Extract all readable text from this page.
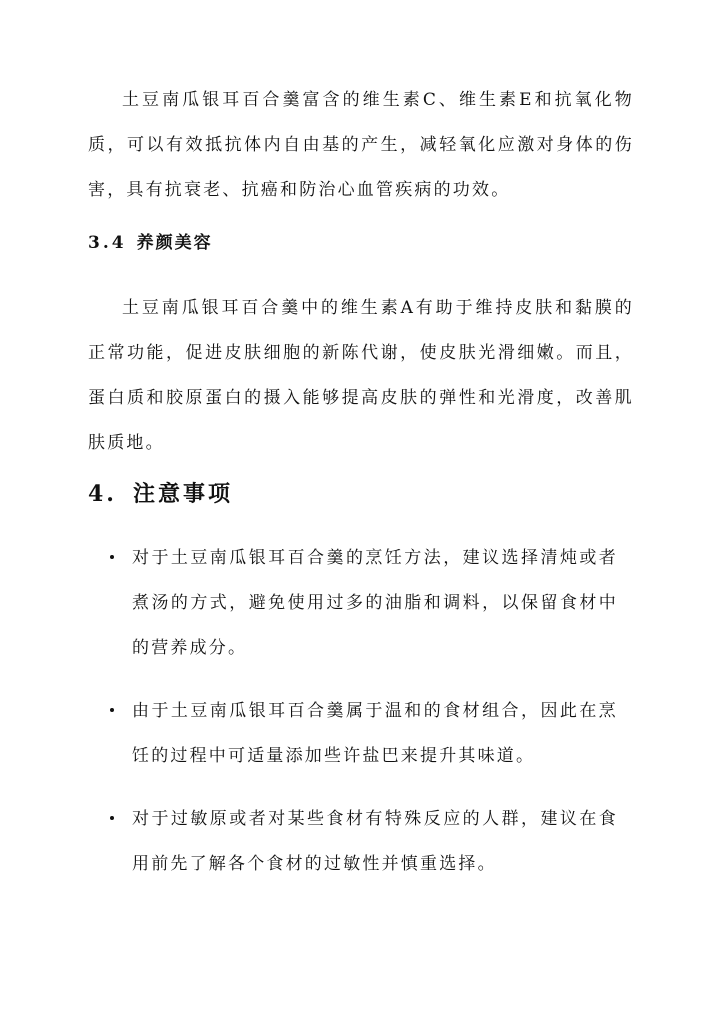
土豆南瓜银耳百合羹富含的维生素C、维生素E和抗氧化物质，可以有效抵抗体内自由基的产生，减轻氧化应激对身体的伤害，具有抗衰老、抗癌和防治心血管疾病的功效。

3.4 养颜美容

土豆南瓜银耳百合羹中的维生素A有助于维持皮肤和黏膜的正常功能，促进皮肤细胞的新陈代谢，使皮肤光滑细嫩。而且，蛋白质和胶原蛋白的摄入能够提高皮肤的弹性和光滑度，改善肌肤质地。

4. 注意事项
对于土豆南瓜银耳百合羹的烹饪方法，建议选择清炖或者煮汤的方式，避免使用过多的油脂和调料，以保留食材中的营养成分。
由于土豆南瓜银耳百合羹属于温和的食材组合，因此在烹饪的过程中可适量添加些许盐巴来提升其味道。
对于过敏原或者对某些食材有特殊反应的人群，建议在食用前先了解各个食材的过敏性并慎重选择。
